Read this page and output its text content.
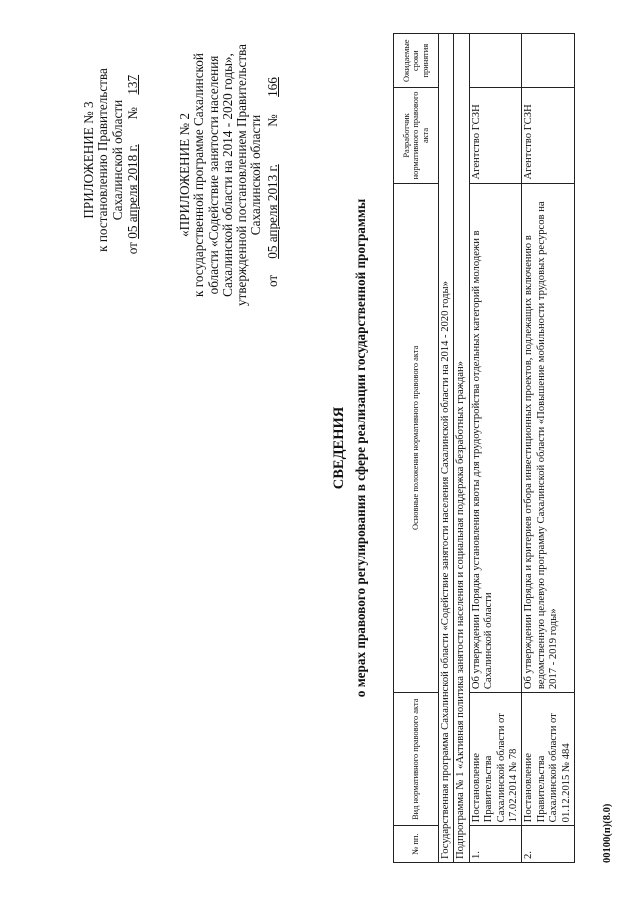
ПРИЛОЖЕНИЕ № 3 к постановлению Правительства Сахалинской области
от 05 апреля 2018 г.  № 137
«ПРИЛОЖЕНИЕ № 2 к государственной программе Сахалинской области «Содействие занятости населения Сахалинской области на 2014 - 2020 годы», утвержденной постановлением Правительства Сахалинской области
от 05 апреля 2013 г.  № 166
СВЕДЕНИЯ о мерах правового регулирования в сфере реализации государственной программы
№ пп.	Вид нормативного правового акта	Основные положения нормативного правового акта	Разработчик нормативного правового акта	Ожидаемые сроки принятия
Государственная программа Сахалинской области «Содействие занятости населения Сахалинской области на 2014 - 2020 годы»				
Подпрограмма № 1 «Активная политика занятости населения и социальная поддержка безработных граждан»				
1.	Постановление Правительства Сахалинской области от 17.02.2014 № 78	Об утверждении Порядка установления квоты для трудоустройства отдельных категорий молодежи в Сахалинской области	Агентство ГСЗН	
2.	Постановление Правительства Сахалинской области от 01.12.2015 № 484	Об утверждении Порядка и критериев отбора инвестиционных проектов, подлежащих включению в ведомственную целевую программу Сахалинской области «Повышение мобильности трудовых ресурсов на 2017 - 2019 годы»	Агентство ГСЗН	
00100(п)(8.0)
